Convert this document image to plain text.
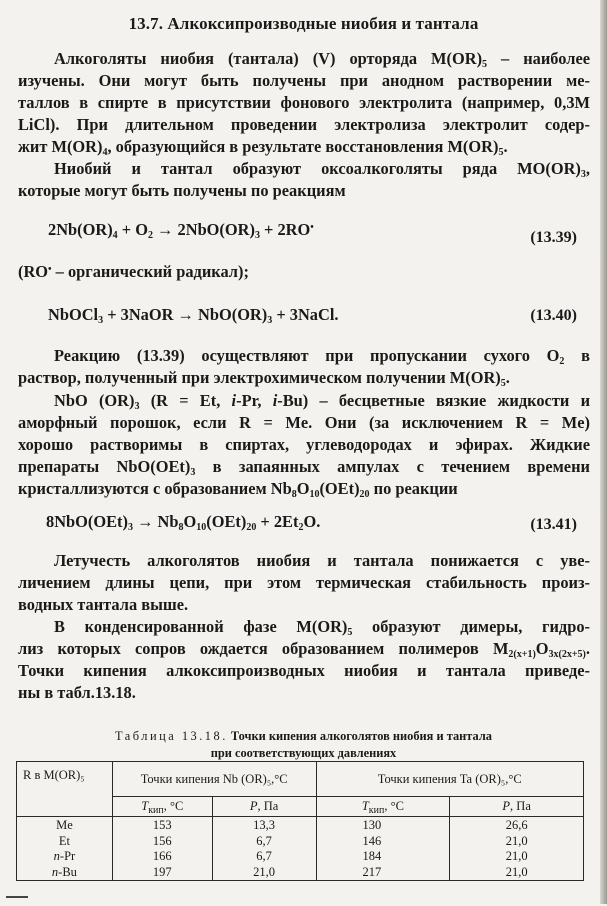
13.7. Алкоксипроизводные ниобия и тантала
Алкоголяты ниобия (тантала) (V) ортоpяда $M(OR)_5$ – наиболее
изучены. Они могут быть получены при анодном растворении ме-
таллов в спирте в присутствии фонового электролита (например, 0,3М
LiCl). При длительном проведении электролиза электролит содер-
жит $M(OR)_4$, образующийся в результате восстановления $M(OR)_5$.
Ниобий и тантал образуют оксоалкоголяты ряда $MO(OR)_3$,
которые могут быть получены по реакциям
$2Nb(OR)_4 + O_2 \to 2NbO(OR)_3 + 2RO^•$
(13.39)
(RO• – органический радикал);
NbOCl$_3$ + 3NaOR → $NbO(OR)_3$ + 3NaCl.	(13.40)
Реакцию (13.39) осуществляют при пропускании сухого $O_2$ в
раствор, полученный при электрохимическом получении $M(OR)_5$.
NbO $(OR)_3$ (R = Et, i-Pr, i-Bu) – бесцветные вязкие жидкости и
аморфный порошок, если R = Me. Они (за исключением R = Me)
хорошо растворимы в спиртах, углеводородах и эфирах. Жидкие
препараты $NbO(OEt)_3$ в запаянных ампулах с течением времени
кристаллизуются с образованием $Nb_8O_{10}(OEt)_{20}$ по реакции
$8NbO(OEt)_3 \to Nb_8O_{10}(OEt)_{20} + 2Et_2O$.	(13.41)
Летучесть алкоголятов ниобия и тантала понижается с уве-
личением длины цепи, при этом термическая стабильность произ-
водных тантала выше.
В конденсированной фазе $M(OR)_5$ образуют димеры, гидро-
лиз которых сопров ождается образованием полимеров $M_{2(x+1)}O_{3x(2x+5)}$.
Точки кипения алкоксипроизводных ниобия и тантала приведе-
ны в табл.13.18.
Таблица 13.18. Точки кипения алкоголятов ниобия и тантала
при соответствующих давлениях
R в M(OR)₅	Точки кипения Nb (OR)₅,°C		Точки кипения Ta (OR)₅,°C	
	$T_{кип}$, °C	P, Па	$T_{кип}$, °C	P, Па
Me	153	13,3	130	26,6
Et	156	6,7	146	21,0
n-Pr	166	6,7	184	21,0
n-Bu	197	21,0	217	21,0
